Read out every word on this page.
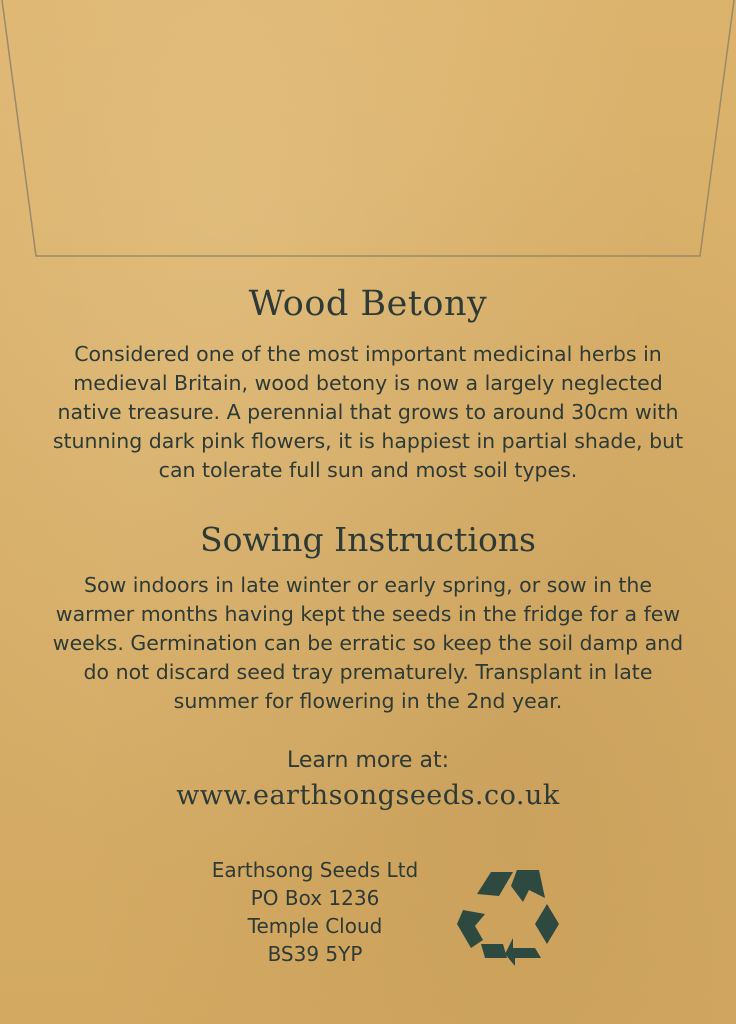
Wood Betony
Considered one of the most important medicinal herbs in medieval Britain, wood betony is now a largely neglected native treasure. A perennial that grows to around 30cm with stunning dark pink flowers, it is happiest in partial shade, but can tolerate full sun and most soil types.
Sowing Instructions
Sow indoors in late winter or early spring, or sow in the warmer months having kept the seeds in the fridge for a few weeks. Germination can be erratic so keep the soil damp and do not discard seed tray prematurely. Transplant in late summer for flowering in the 2nd year.
Learn more at:
www.earthsongseeds.co.uk
Earthsong Seeds Ltd
PO Box 1236
Temple Cloud
BS39 5YP
